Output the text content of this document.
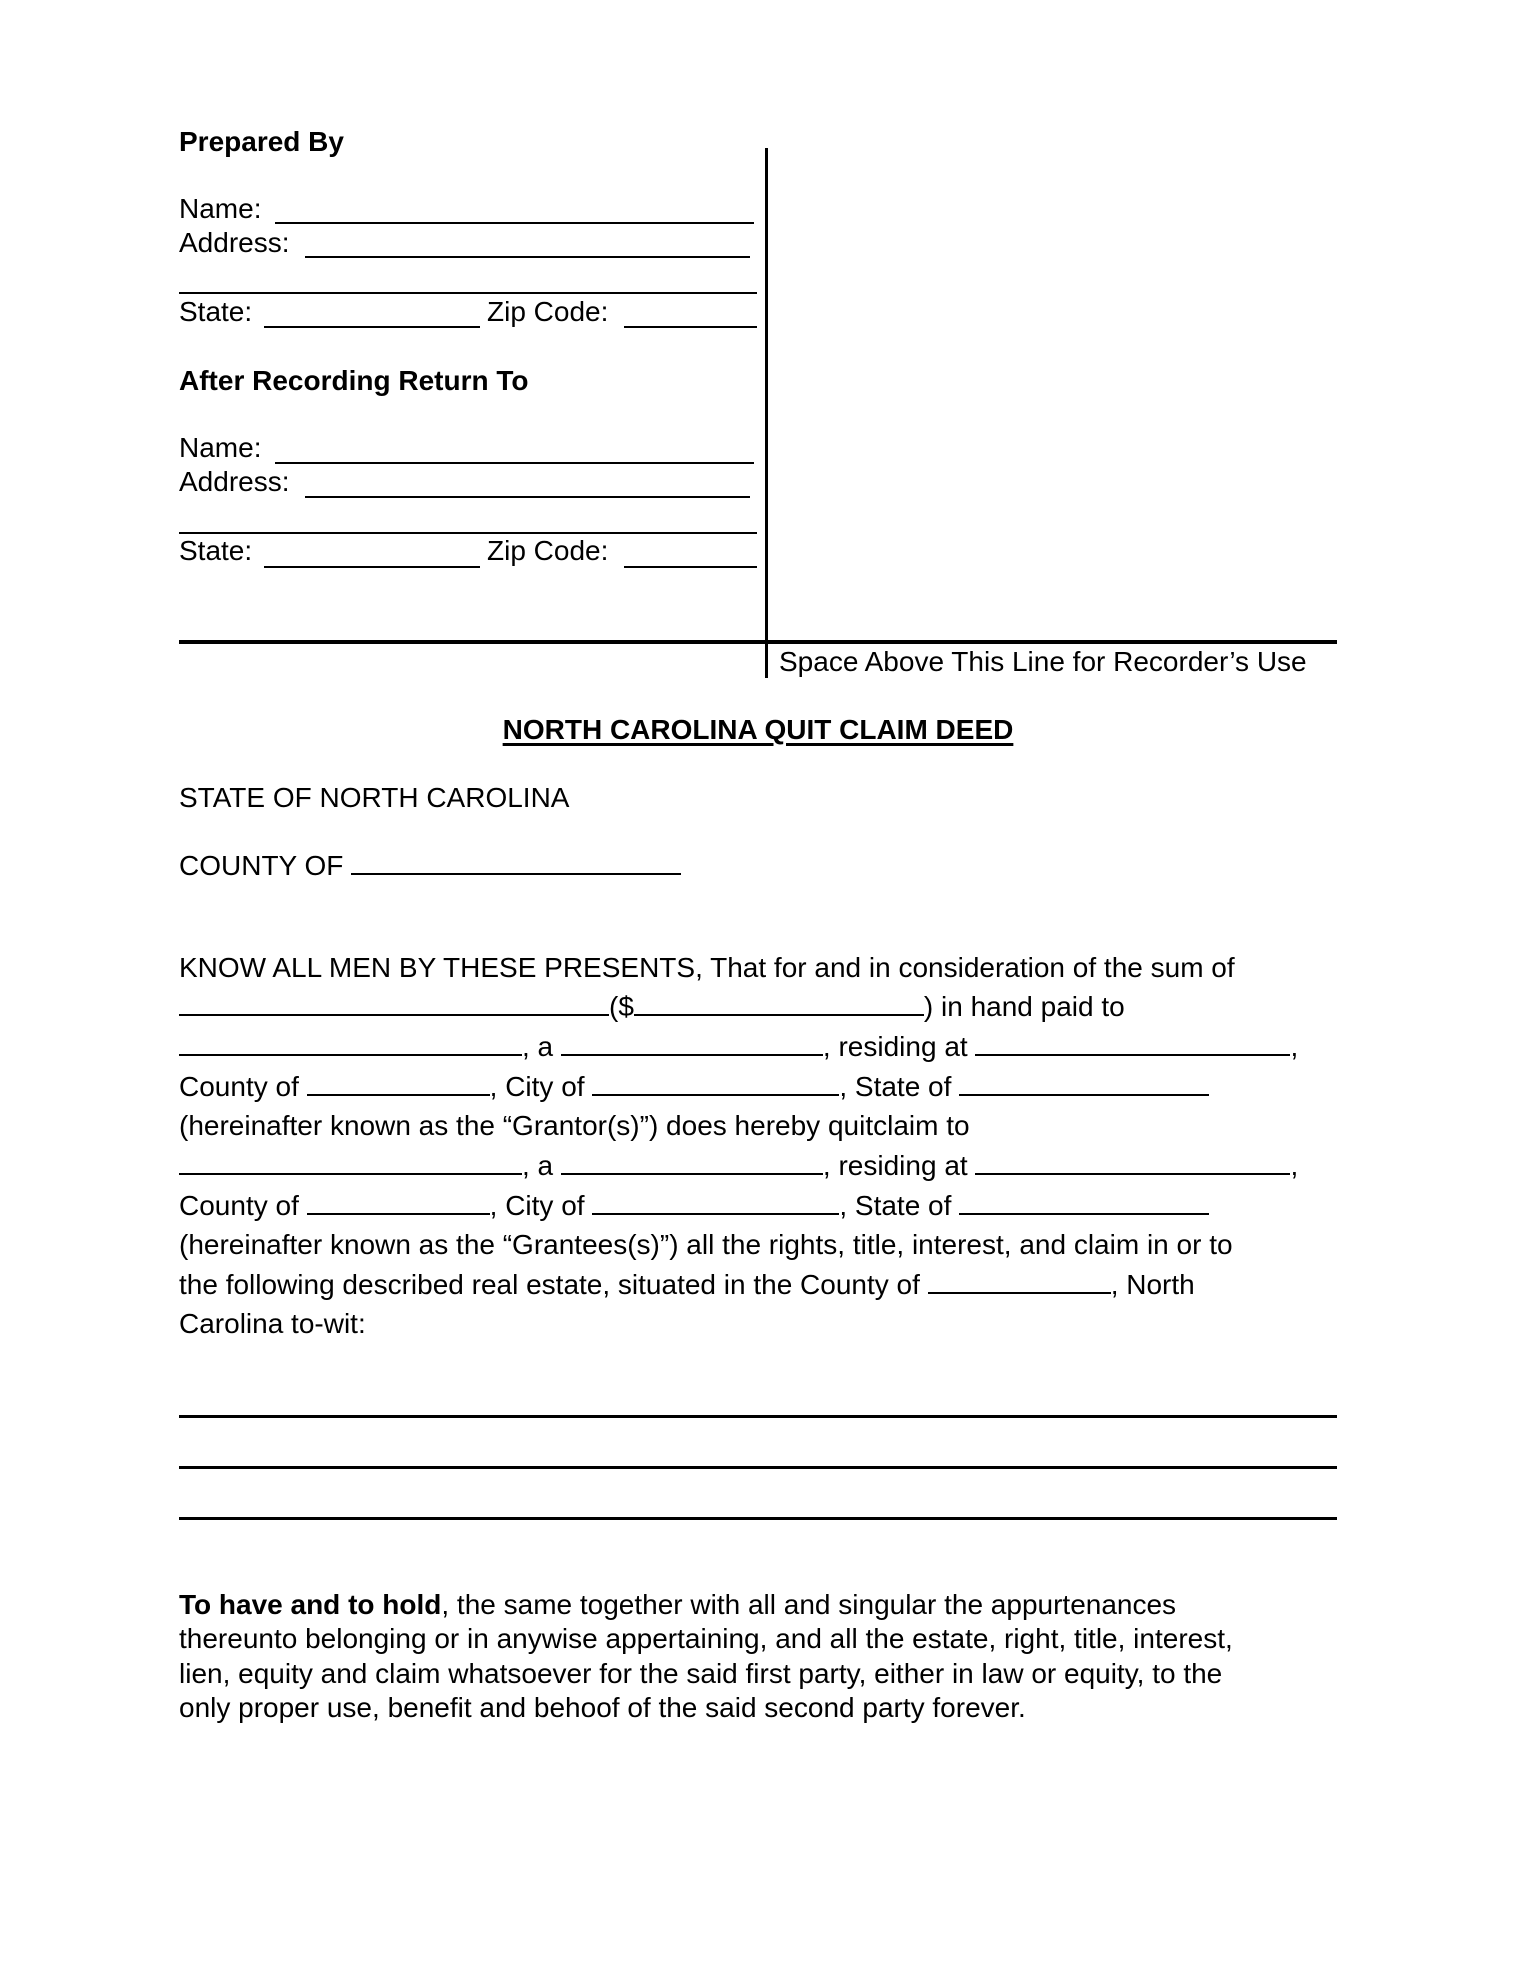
Prepared By
Name:
Address:
State:	Zip Code:
After Recording Return To
Name:
Address:
State:	Zip Code:
Space Above This Line for Recorder’s Use
NORTH CAROLINA QUIT CLAIM DEED
STATE OF NORTH CAROLINA
COUNTY OF
KNOW ALL MEN BY THESE PRESENTS, That for and in consideration of the sum of
($	) in hand paid to
, a	, residing at	,
County of	, City of	, State of
(hereinafter known as the “Grantor(s)”) does hereby quitclaim to
, a	, residing at	,
County of	, City of	, State of
(hereinafter known as the “Grantees(s)”) all the rights, title, interest, and claim in or to
the following described real estate, situated in the County of	, North
Carolina to-wit:
To have and to hold, the same together with all and singular the appurtenances
thereunto belonging or in anywise appertaining, and all the estate, right, title, interest,
lien, equity and claim whatsoever for the said first party, either in law or equity, to the
only proper use, benefit and behoof of the said second party forever.
